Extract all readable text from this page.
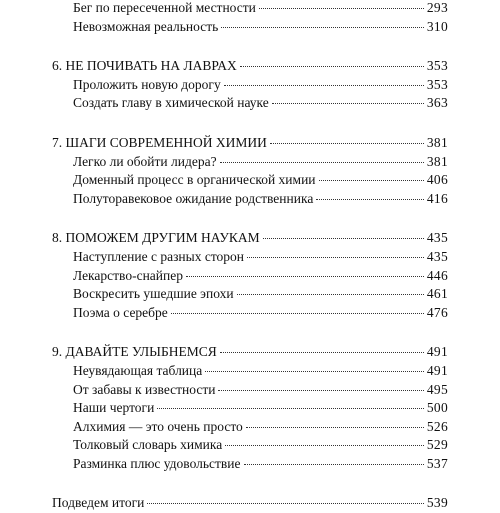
Бег по пересеченной местности	293
Невозможная реальность	310
6. НЕ ПОЧИВАТЬ НА ЛАВРАХ	353
Проложить новую дорогу	353
Создать главу в химической науке	363
7. ШАГИ СОВРЕМЕННОЙ ХИМИИ	381
Легко ли обойти лидера?	381
Доменный процесс в органической химии	406
Полуторавековое ожидание родственника	416
8. ПОМОЖЕМ ДРУГИМ НАУКАМ	435
Наступление с разных сторон	435
Лекарство-снайпер	446
Воскресить ушедшие эпохи	461
Поэма о серебре	476
9. ДАВАЙТЕ УЛЫБНЕМСЯ	491
Неувядающая таблица	491
От забавы к известности	495
Наши чертоги	500
Алхимия — это очень просто	526
Толковый словарь химика	529
Разминка плюс удовольствие	537
Подведем итоги	539
